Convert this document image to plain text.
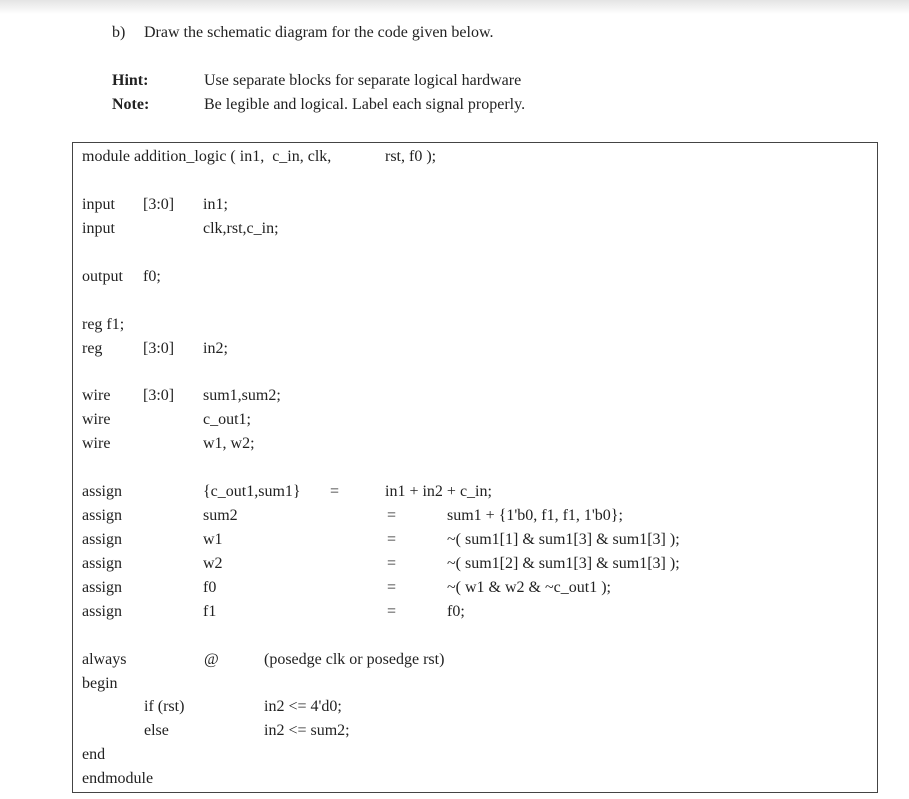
b) Draw the schematic diagram for the code given below.
Hint:	Use separate blocks for separate logical hardware
Note:	Be legible and logical. Label each signal properly.
module addition_logic ( in1,  c_in, clk,	rst, f0 );
input [3:0] in1;
input	clk,rst,c_in;
output f0;
reg f1;
reg	[3:0] in2;
wire [3:0] sum1,sum2;
wire	c_out1;
wire	w1, w2;
assign	{c_out1,sum1} =	in1 + in2 + c_in;
assign	sum2	=	sum1 + {1'b0, f1, f1, 1'b0};
assign	w1	=	~( sum1[1] & sum1[3] & sum1[3] );
assign	w2	=	~( sum1[2] & sum1[3] & sum1[3] );
assign	f0	=	~( w1 & w2 & ~c_out1 );
assign	f1	=	f0;
always	@	(posedge clk or posedge rst)
begin
if (rst)	in2 <= 4'd0;
else	in2 <= sum2;
end
endmodule
